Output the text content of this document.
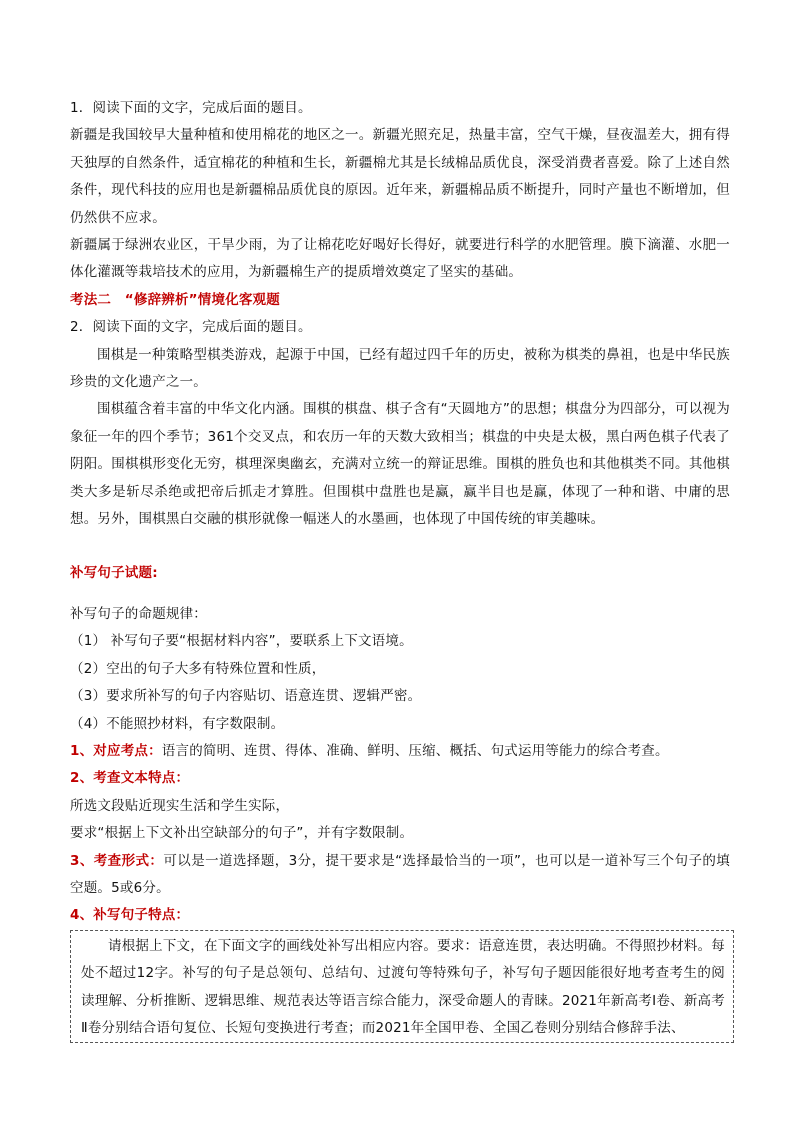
1．阅读下面的文字，完成后面的题目。

新疆是我国较早大量种植和使用棉花的地区之一。新疆光照充足，热量丰富，空气干燥，昼夜温差大，拥有得天独厚的自然条件，适宜棉花的种植和生长，新疆棉尤其是长绒棉品质优良，深受消费者喜爱。除了上述自然条件，现代科技的应用也是新疆棉品质优良的原因。近年来，新疆棉品质不断提升，同时产量也不断增加，但仍然供不应求。

新疆属于绿洲农业区，干旱少雨，为了让棉花吃好喝好长得好，就要进行科学的水肥管理。膜下滴灌、水肥一体化灌溉等栽培技术的应用，为新疆棉生产的提质增效奠定了坚实的基础。

考法二　“修辞辨析”情境化客观题

2．阅读下面的文字，完成后面的题目。

围棋是一种策略型棋类游戏，起源于中国，已经有超过四千年的历史，被称为棋类的鼻祖，也是中华民族珍贵的文化遗产之一。

围棋蕴含着丰富的中华文化内涵。围棋的棋盘、棋子含有“天圆地方”的思想；棋盘分为四部分，可以视为象征一年的四个季节；361个交叉点，和农历一年的天数大致相当；棋盘的中央是太极，黑白两色棋子代表了阴阳。围棋棋形变化无穷，棋理深奥幽玄，充满对立统一的辩证思维。围棋的胜负也和其他棋类不同。其他棋类大多是斩尽杀绝或把帝后抓走才算胜。但围棋中盘胜也是赢，赢半目也是赢，体现了一种和谐、中庸的思想。另外，围棋黑白交融的棋形就像一幅迷人的水墨画，也体现了中国传统的审美趣味。

补写句子试题:

补写句子的命题规律：

（1） 补写句子要“根据材料内容”，要联系上下文语境。

（2）空出的句子大多有特殊位置和性质，

（3）要求所补写的句子内容贴切、语意连贯、逻辑严密。

（4）不能照抄材料，有字数限制。

1、对应考点：语言的简明、连贯、得体、准确、鲜明、压缩、概括、句式运用等能力的综合考查。

2、考查文本特点：

所选文段贴近现实生活和学生实际，

要求“根据上下文补出空缺部分的句子”，并有字数限制。

3、考查形式：可以是一道选择题，3分，提干要求是“选择最恰当的一项”，也可以是一道补写三个句子的填空题。5或6分。

4、补写句子特点：

请根据上下文，在下面文字的画线处补写出相应内容。要求：语意连贯，表达明确。不得照抄材料。每处不超过12字。补写的句子是总领句、总结句、过渡句等特殊句子，补写句子题因能很好地考查考生的阅读理解、分析推断、逻辑思维、规范表达等语言综合能力，深受命题人的青睐。2021年新高考Ⅰ卷、新高考Ⅱ卷分别结合语句复位、长短句变换进行考查；而2021年全国甲卷、全国乙卷则分别结合修辞手法、
